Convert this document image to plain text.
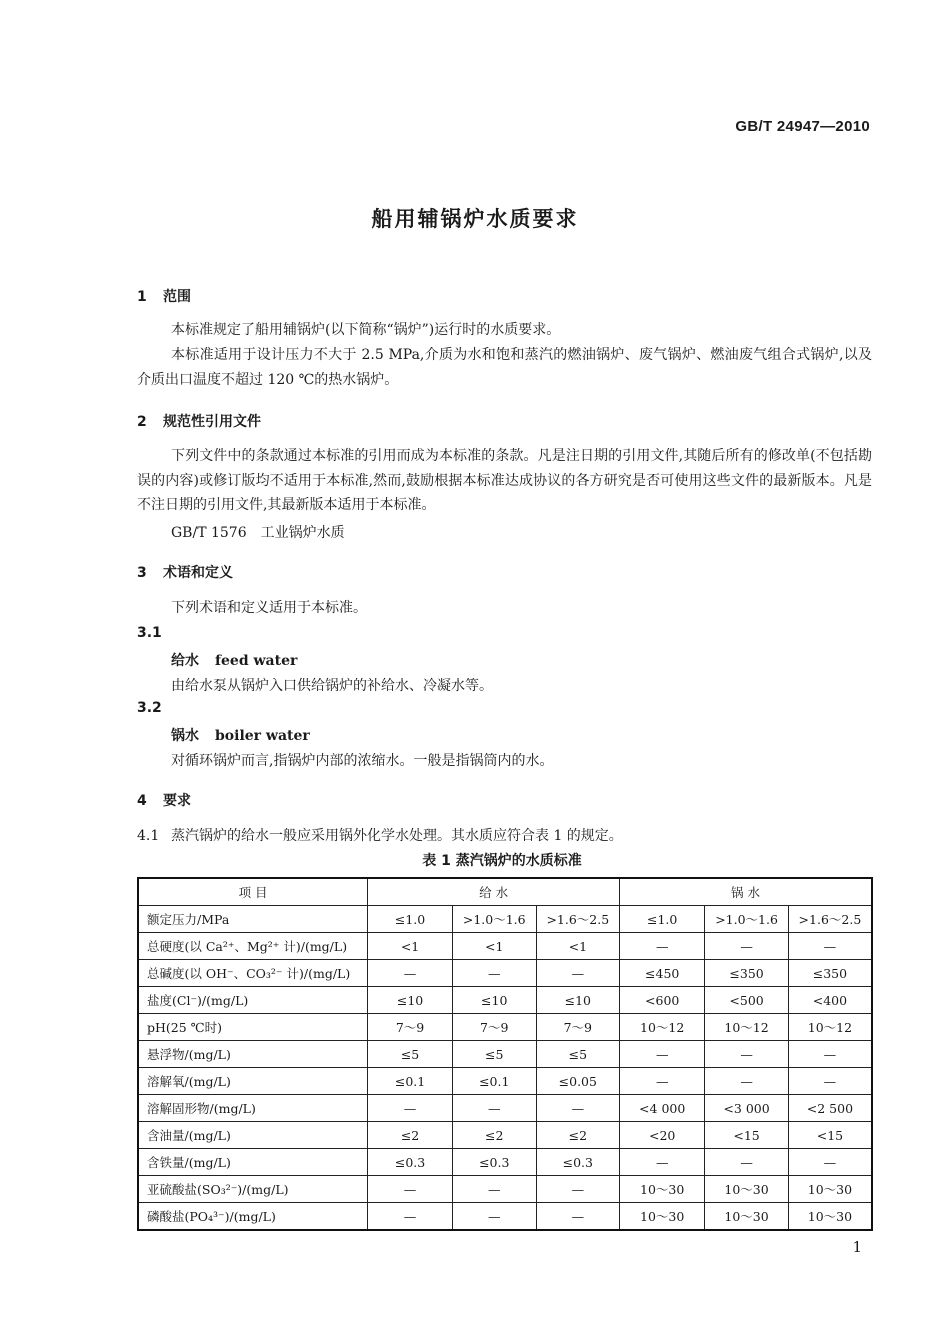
GB/T 24947—2010
船用辅锅炉水质要求
1 范围
本标准规定了船用辅锅炉(以下简称“锅炉”)运行时的水质要求。
本标准适用于设计压力不大于 2.5 MPa,介质为水和饱和蒸汽的燃油锅炉、废气锅炉、燃油废气组合式锅炉,以及介质出口温度不超过 120 ℃的热水锅炉。
2 规范性引用文件
下列文件中的条款通过本标准的引用而成为本标准的条款。凡是注日期的引用文件,其随后所有的修改单(不包括勘误的内容)或修订版均不适用于本标准,然而,鼓励根据本标准达成协议的各方研究是否可使用这些文件的最新版本。凡是不注日期的引用文件,其最新版本适用于本标准。
GB/T 1576 工业锅炉水质
3 术语和定义
下列术语和定义适用于本标准。
3.1
给水 feed water
由给水泵从锅炉入口供给锅炉的补给水、冷凝水等。
3.2
锅水 boiler water
对循环锅炉而言,指锅炉内部的浓缩水。一般是指锅筒内的水。
4 要求
4.1 蒸汽锅炉的给水一般应采用锅外化学水处理。其水质应符合表 1 的规定。
表 1 蒸汽锅炉的水质标准
项 目	给 水			锅 水		
额定压力/MPa	≤1.0	>1.0～1.6	>1.6～2.5	≤1.0	>1.0～1.6	>1.6～2.5
总硬度(以 Ca²⁺、Mg²⁺ 计)/(mg/L)	<1	<1	<1	—	—	—
总碱度(以 OH⁻、CO₃²⁻ 计)/(mg/L)	—	—	—	≤450	≤350	≤350
盐度(Cl⁻)/(mg/L)	≤10	≤10	≤10	<600	<500	<400
pH(25 ℃时)	7～9	7～9	7～9	10～12	10～12	10～12
悬浮物/(mg/L)	≤5	≤5	≤5	—	—	—
溶解氧/(mg/L)	≤0.1	≤0.1	≤0.05	—	—	—
溶解固形物/(mg/L)	—	—	—	<4 000	<3 000	<2 500
含油量/(mg/L)	≤2	≤2	≤2	<20	<15	<15
含铁量/(mg/L)	≤0.3	≤0.3	≤0.3	—	—	—
亚硫酸盐(SO₃²⁻)/(mg/L)	—	—	—	10～30	10～30	10～30
磷酸盐(PO₄³⁻)/(mg/L)	—	—	—	10～30	10～30	10～30
1
